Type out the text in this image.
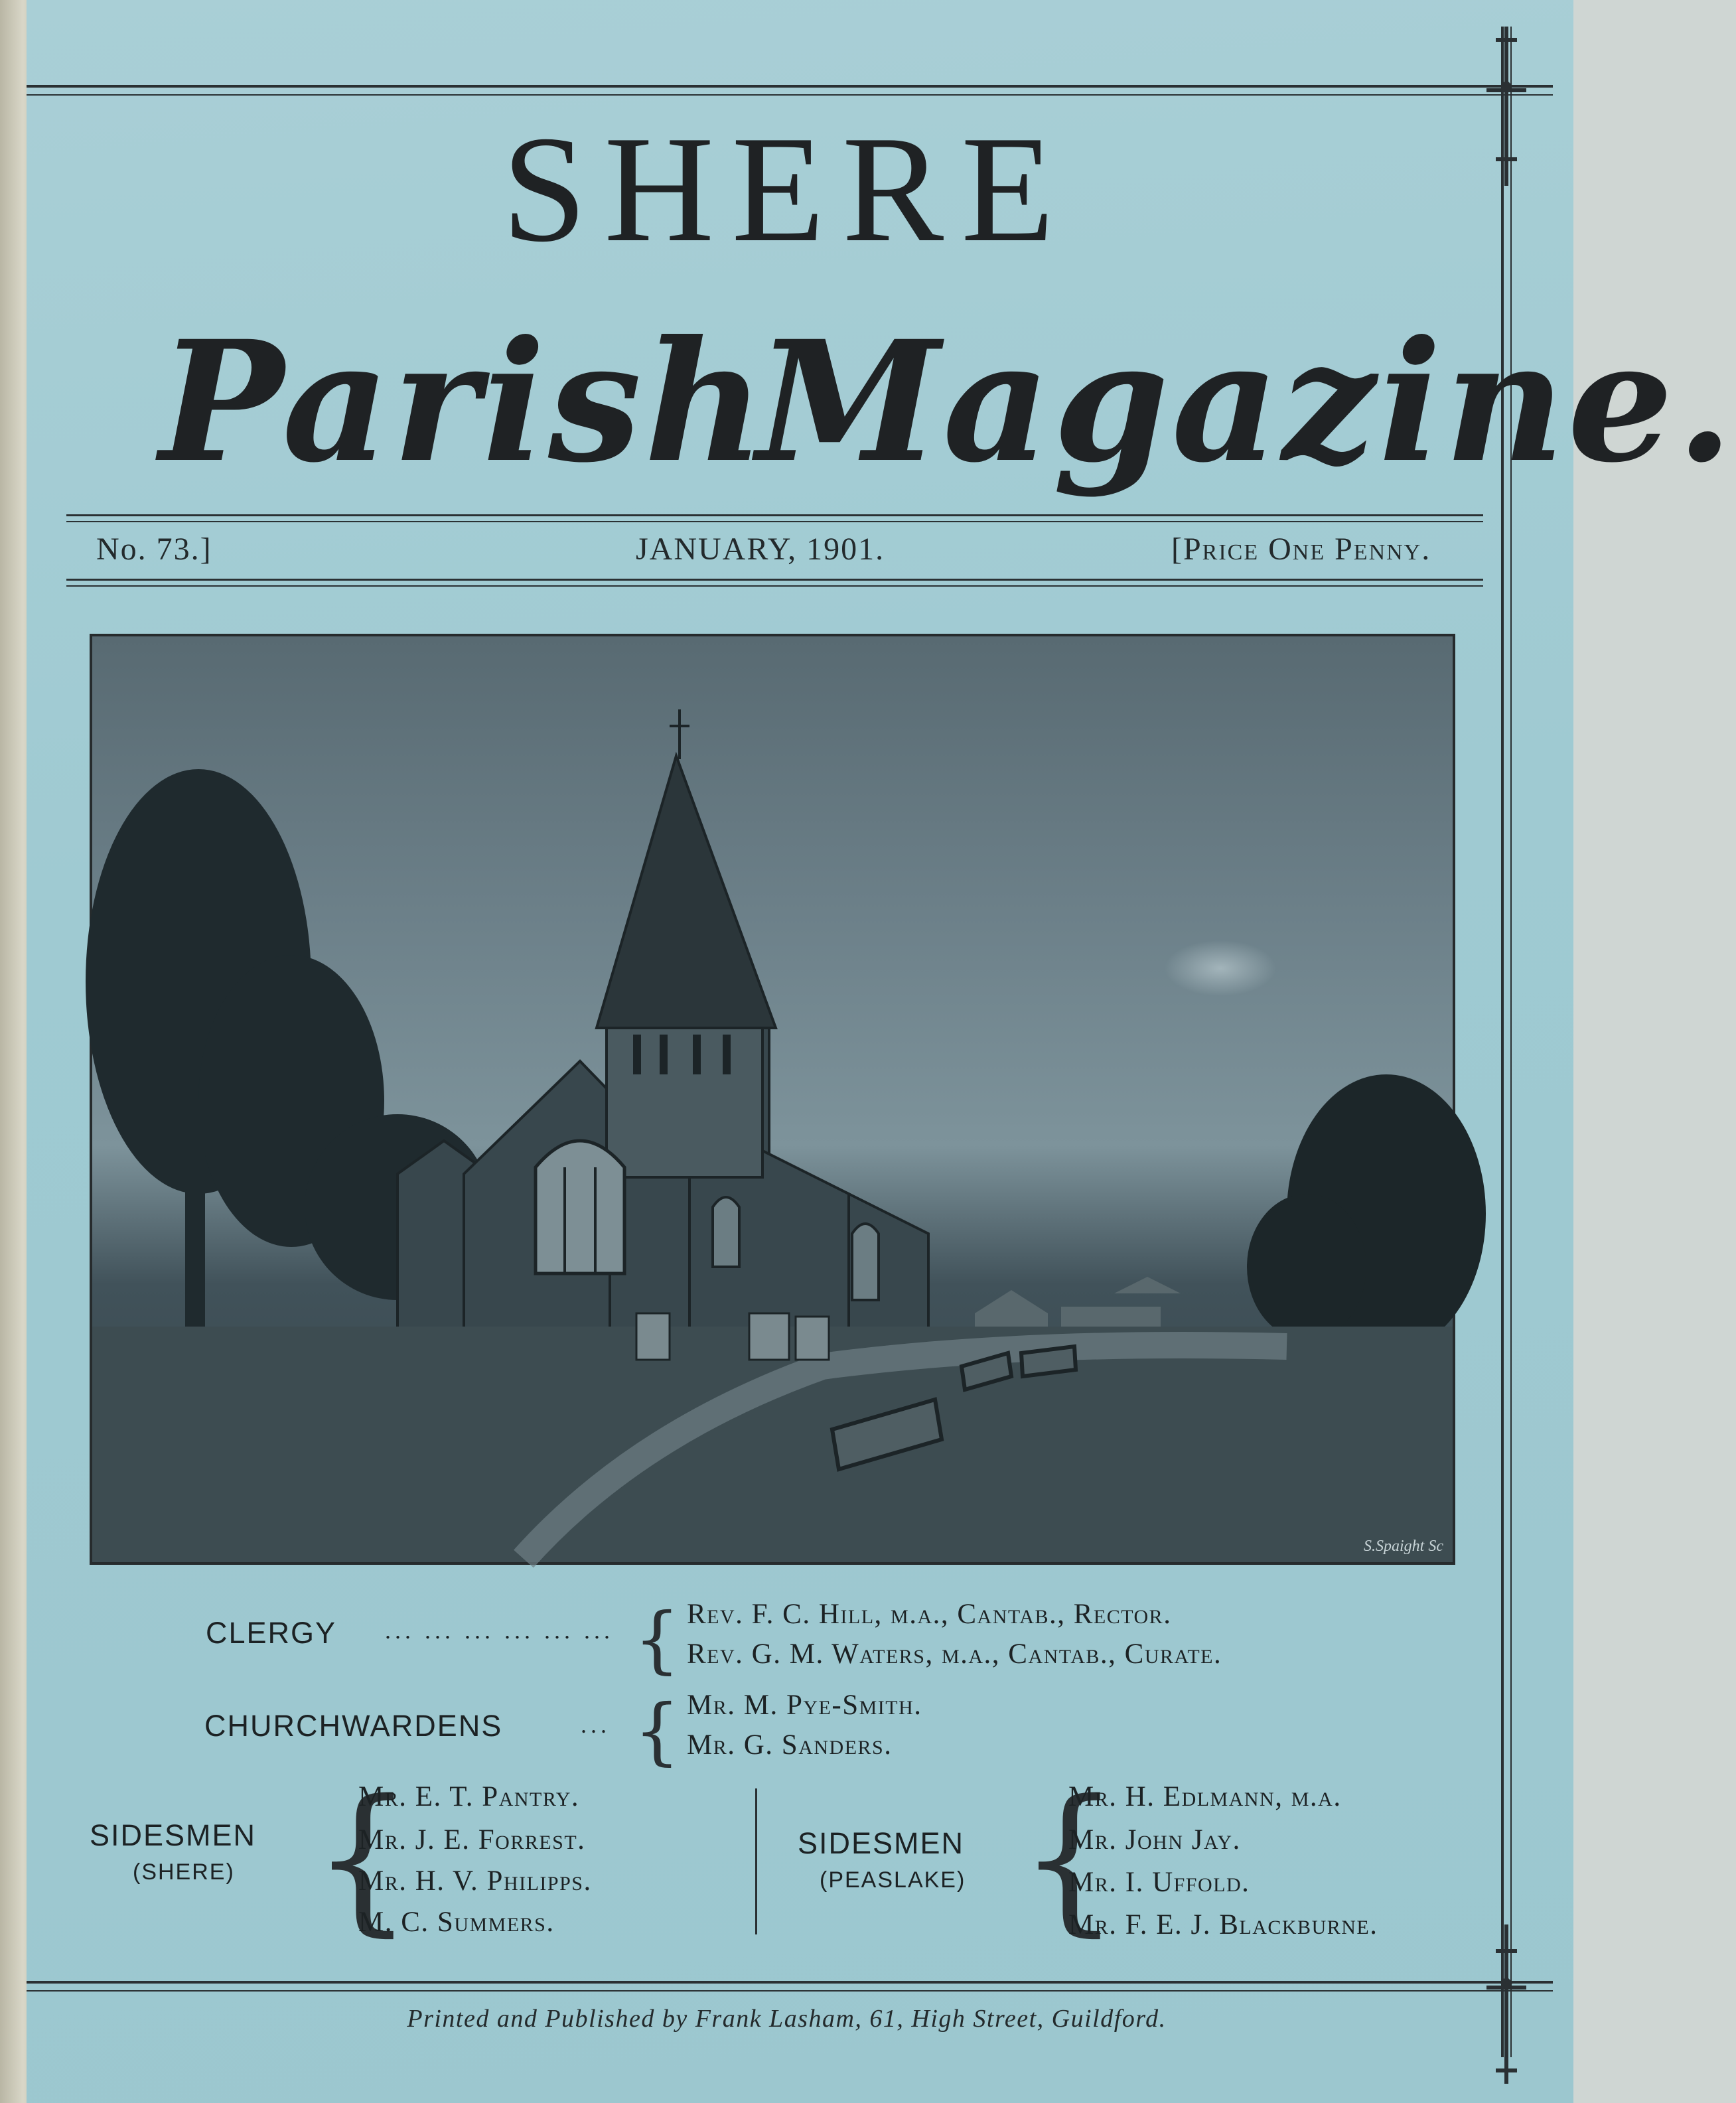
SHERE
Parish
Magazine.
No. 73.]	JANUARY, 1901.	[Price One Penny.
S.Spaight Sc
CLERGY ... ... ... ... ... ... { Rev. F. C. Hill, m.a., Cantab., Rector.
Rev. G. M. Waters, m.a., Cantab., Curate.
CHURCHWARDENS	... { Mr. M. Pye-Smith.
Mr. G. Sanders.
SIDESMEN
(SHERE) {
Mr. E. T. Pantry.
Mr. J. E. Forrest.
Mr. H. V. Philipps.
M. C. Summers.
SIDESMEN
(PEASLAKE) {
Mr. H. Edlmann, m.a.
Mr. John Jay.
Mr. I. Uffold.
Mr. F. E. J. Blackburne.
Printed and Published by Frank Lasham, 61, High Street, Guildford.
